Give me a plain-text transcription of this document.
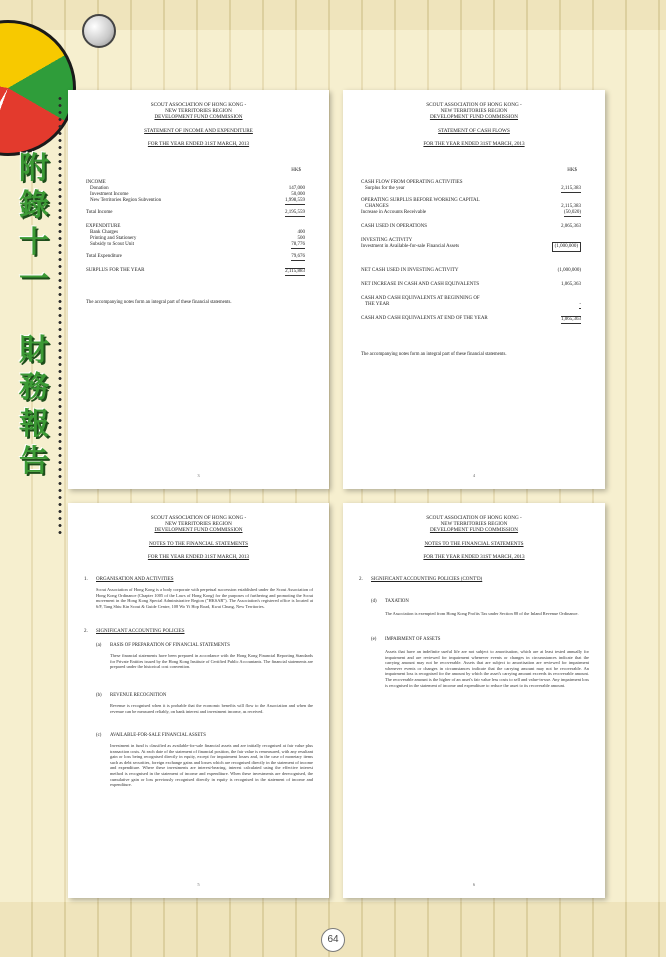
附
錄
十
一
財
務
報
告
SCOUT ASSOCIATION OF HONG KONG -
NEW TERRITORIES REGION
DEVELOPMENT FUND COMMISSION
STATEMENT OF INCOME AND EXPENDITURE
FOR THE YEAR ENDED 31ST MARCH, 2013
HK$
INCOME
Donation	147,000
Investment Income	50,000
New Territories Region Subvention	1,998,559
Total Income	2,195,559
EXPENDITURE
Bank Charges	400
Printing and Stationery	500
Subsidy to Scout Unit	78,776
Total Expenditure	79,676
SURPLUS FOR THE YEAR	2,115,883
The accompanying notes form an integral part of these financial statements.
3
SCOUT ASSOCIATION OF HONG KONG -
NEW TERRITORIES REGION
DEVELOPMENT FUND COMMISSION
STATEMENT OF CASH FLOWS
FOR THE YEAR ENDED 31ST MARCH, 2013
HK$
CASH FLOW FROM OPERATING ACTIVITIES
Surplus for the year	2,115,383
OPERATING SURPLUS BEFORE WORKING CAPITAL
CHANGES	2,115,383
Increase in Accounts Receivable	(50,020)
CASH USED IN OPERATIONS	2,065,363
INVESTING ACTIVITY
Investment in Available-for-sale Financial Assets	(1,000,000)
NET CASH USED IN INVESTING ACTIVITY	(1,000,000)
NET INCREASE IN CASH AND CASH EQUIVALENTS	1,065,363
CASH AND CASH EQUIVALENTS AT BEGINNING OF
THE YEAR	-
CASH AND CASH EQUIVALENTS AT END OF THE YEAR	1,065,363
The accompanying notes form an integral part of these financial statements.
4
SCOUT ASSOCIATION OF HONG KONG -
NEW TERRITORIES REGION
DEVELOPMENT FUND COMMISSION
NOTES TO THE FINANCIAL STATEMENTS
FOR THE YEAR ENDED 31ST MARCH, 2013
1. ORGANISATION AND ACTIVITIES
Scout Association of Hong Kong is a body corporate with perpetual succession established under the Scout Association of Hong Kong Ordinance (Chapter 1005 of the Laws of Hong Kong) for the purposes of furthering and promoting the Scout movement in the Hong Kong Special Administrative Region ("HKSAR"). The Association's registered office is located at 6/F, Tang Shiu Kin Scout & Guide Centre, 108 Wo Yi Hop Road, Kwai Chung, New Territories.
2. SIGNIFICANT ACCOUNTING POLICIES
(a) BASIS OF PREPARATION OF FINANCIAL STATEMENTS
These financial statements have been prepared in accordance with the Hong Kong Financial Reporting Standards for Private Entities issued by the Hong Kong Institute of Certified Public Accountants. The financial statements are prepared under the historical cost convention.
(b) REVENUE RECOGNITION
Revenue is recognised when it is probable that the economic benefits will flow to the Association and when the revenue can be measured reliably, on bank interest and investment income, as received.
(c) AVAILABLE-FOR-SALE FINANCIAL ASSETS
Investment in fund is classified as available-for-sale financial assets and are initially recognised at fair value plus transaction costs. At each date of the statement of financial position, the fair value is remeasured, with any resultant gain or loss being recognised directly in equity, except for impairment losses and, in the case of monetary items such as debt securities, foreign exchange gains and losses which are recognised directly in the statement of income and expenditure. Where these investments are interest-bearing, interest calculated using the effective interest method is recognised in the statement of income and expenditure. When these investments are derecognised, the cumulative gain or loss previously recognised directly in equity is recognised in the statement of income and expenditure.
5
SCOUT ASSOCIATION OF HONG KONG -
NEW TERRITORIES REGION
DEVELOPMENT FUND COMMISSION
NOTES TO THE FINANCIAL STATEMENTS
FOR THE YEAR ENDED 31ST MARCH, 2013
2. SIGNIFICANT ACCOUNTING POLICIES (CONT'D)
(d) TAXATION
The Association is exempted from Hong Kong Profits Tax under Section 88 of the Inland Revenue Ordinance.
(e) IMPAIRMENT OF ASSETS
Assets that have an indefinite useful life are not subject to amortisation, which are at least tested annually for impairment and are reviewed for impairment whenever events or changes in circumstances indicate that the carrying amount may not be recoverable. Assets that are subject to amortisation are reviewed for impairment whenever events or changes in circumstances indicate that the carrying amount may not be recoverable. An impairment loss is recognised for the amount by which the asset's carrying amount exceeds its recoverable amount. The recoverable amount is the higher of an asset's fair value less costs to sell and value-in-use. Any impairment loss is recognised in the statement of income and expenditure to reduce the asset to its recoverable amount.
6
64
